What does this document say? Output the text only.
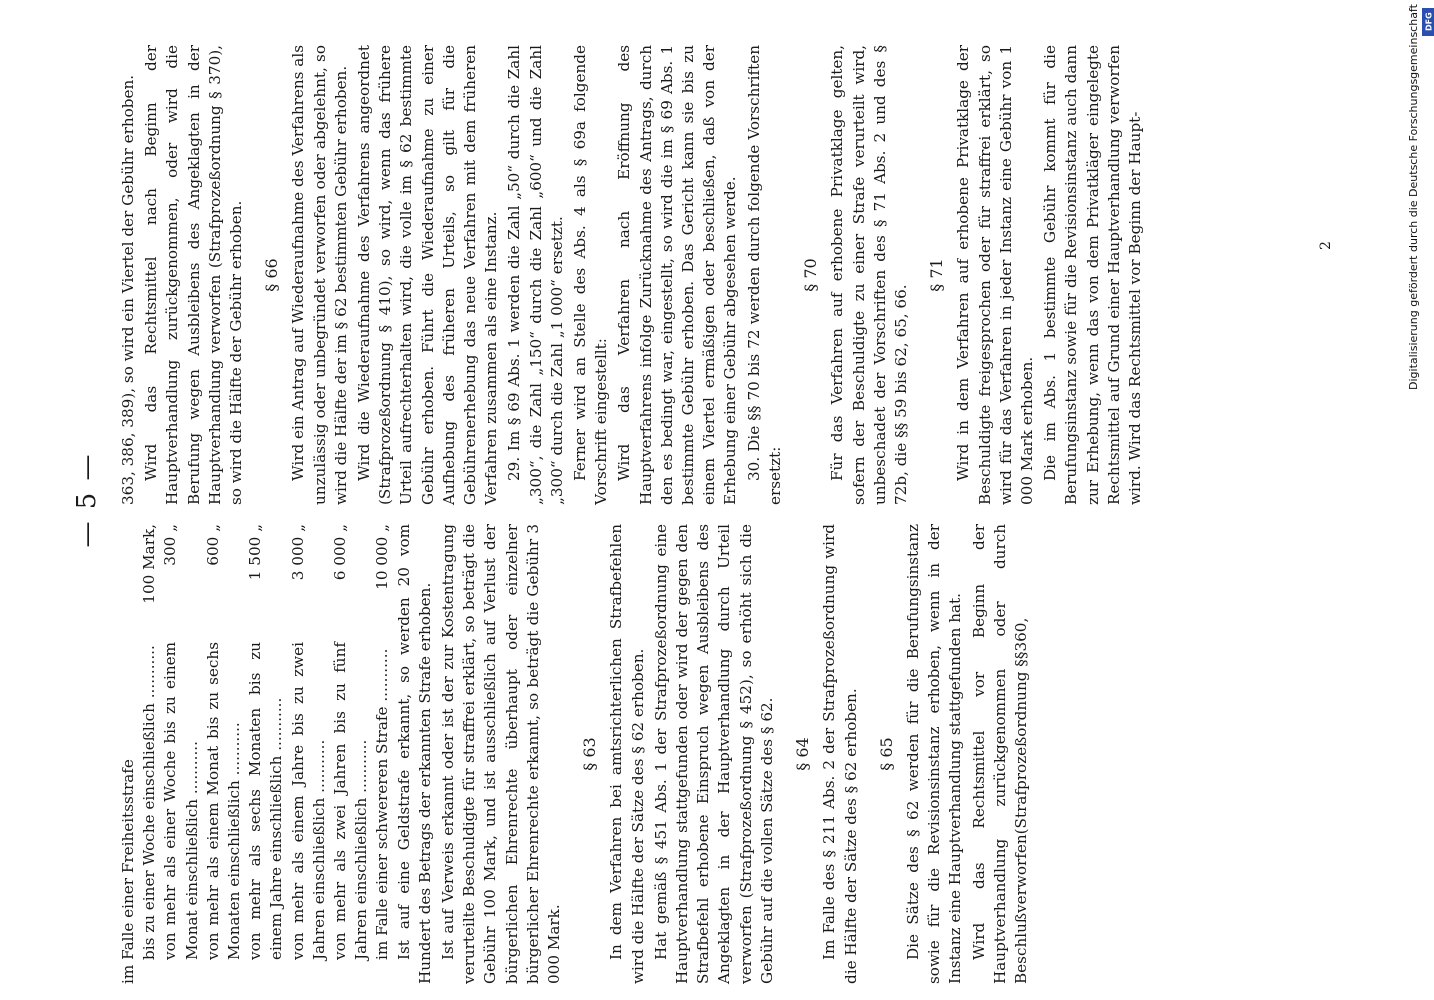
— 5 —
im Falle einer Freiheitsstrafe bis zu einer Woche einschließlich ...........
100 Mark,
von mehr als einer Woche bis zu einem Monat einschließlich ...........
300 „
von mehr als einem Monat bis zu sechs Monaten einschließlich ...........
600 „
von mehr als sechs Monaten bis zu einem Jahre einschließlich ...........
1 500 „
von mehr als einem Jahre bis zu zwei Jahren einschließlich ...........
3 000 „
von mehr als zwei Jahren bis zu fünf Jahren einschließlich ...........
6 000 „
im Falle einer schwereren Strafe ...........
10 000 „ Ist auf eine Geldstrafe erkannt, so werden 20 vom Hundert des Betrags der erkannten Strafe erhoben. Ist auf Verweis erkannt oder ist der zur Kostentragung verurteilte Beschuldigte für straffrei erklärt, so beträgt die Gebühr 100 Mark, und ist ausschließlich auf Verlust der bürgerlichen Ehrenrechte überhaupt oder einzelner bürgerlicher Ehrenrechte erkannt, so beträgt die Gebühr 3 000 Mark.

§ 63 In dem Verfahren bei amtsrichterlichen Strafbefehlen wird die Hälfte der Sätze des § 62 erhoben. Hat gemäß § 451 Abs. 1 der Strafprozeßordnung eine Hauptverhandlung stattgefunden oder wird der gegen den Strafbefehl erhobene Einspruch wegen Ausbleibens des Angeklagten in der Hauptverhandlung durch Urteil verworfen (Strafprozeßordnung § 452), so erhöht sich die Gebühr auf die vollen Sätze des § 62. § 64 Im Falle des § 211 Abs. 2 der Strafprozeßordnung wird die Hälfte der Sätze des § 62 erhoben. § 65 Die Sätze des § 62 werden für die Berufungsinstanz sowie für die Revisionsinstanz erhoben, wenn in der Instanz eine Hauptverhandlung stattgefunden hat. Wird das Rechtsmittel vor Beginn der Hauptverhandlung zurückgenommen oder durch Beschlußverworfen(Strafprozeßordnung §§360,

363, 386, 389), so wird ein Viertel der Gebühr erhoben. Wird das Rechtsmittel nach Beginn der Hauptverhandlung zurückgenommen, oder wird die Berufung wegen Ausbleibens des Angeklagten in der Hauptverhandlung verworfen (Strafprozeßordnung § 370), so wird die Hälfte der Gebühr erhoben. § 66 Wird ein Antrag auf Wiederaufnahme des Verfahrens als unzulässig oder unbegründet verworfen oder abgelehnt, so wird die Hälfte der im § 62 bestimmten Gebühr erhoben. Wird die Wiederaufnahme des Verfahrens angeordnet (Strafprozeßordnung § 410), so wird, wenn das frühere Urteil aufrechterhalten wird, die volle im § 62 bestimmte Gebühr erhoben. Führt die Wiederaufnahme zu einer Aufhebung des früheren Urteils, so gilt für die Gebührenerhebung das neue Verfahren mit dem früheren Verfahren zusammen als eine Instanz. 29. Im § 69 Abs. 1 werden die Zahl „50“ durch die Zahl „300“, die Zahl „150“ durch die Zahl „600“ und die Zahl „300“ durch die Zahl „1 000“ ersetzt. Ferner wird an Stelle des Abs. 4 als § 69a folgende Vorschrift eingestellt: Wird das Verfahren nach Eröffnung des Hauptverfahrens infolge Zurücknahme des Antrags, durch den es bedingt war, eingestellt, so wird die im § 69 Abs. 1 bestimmte Gebühr erhoben. Das Gericht kann sie bis zu einem Viertel ermäßigen oder beschließen, daß von der Erhebung einer Gebühr abgesehen werde. 30. Die §§ 70 bis 72 werden durch folgende Vorschriften ersetzt:

§ 70 Für das Verfahren auf erhobene Privatklage gelten, sofern der Beschuldigte zu einer Strafe verurteilt wird, unbeschadet der Vorschriften des § 71 Abs. 2 und des § 72b, die §§ 59 bis 62, 65, 66.

§ 71 Wird in dem Verfahren auf erhobene Privatklage der Beschuldigte freigesprochen oder für straffrei erklärt, so wird für das Verfahren in jeder Instanz eine Gebühr von 1 000 Mark erhoben. Die im Abs. 1 bestimmte Gebühr kommt für die Berufungsinstanz sowie für die Revisionsinstanz auch dann zur Erhebung, wenn das von dem Privatkläger eingelegte Rechtsmittel auf Grund einer Hauptverhandlung verworfen wird. Wird das Rechtsmittel vor Beginn der Haupt-	2	Digitalisierung gefördert durch die Deutsche Forschungsgemeinschaft DFG
